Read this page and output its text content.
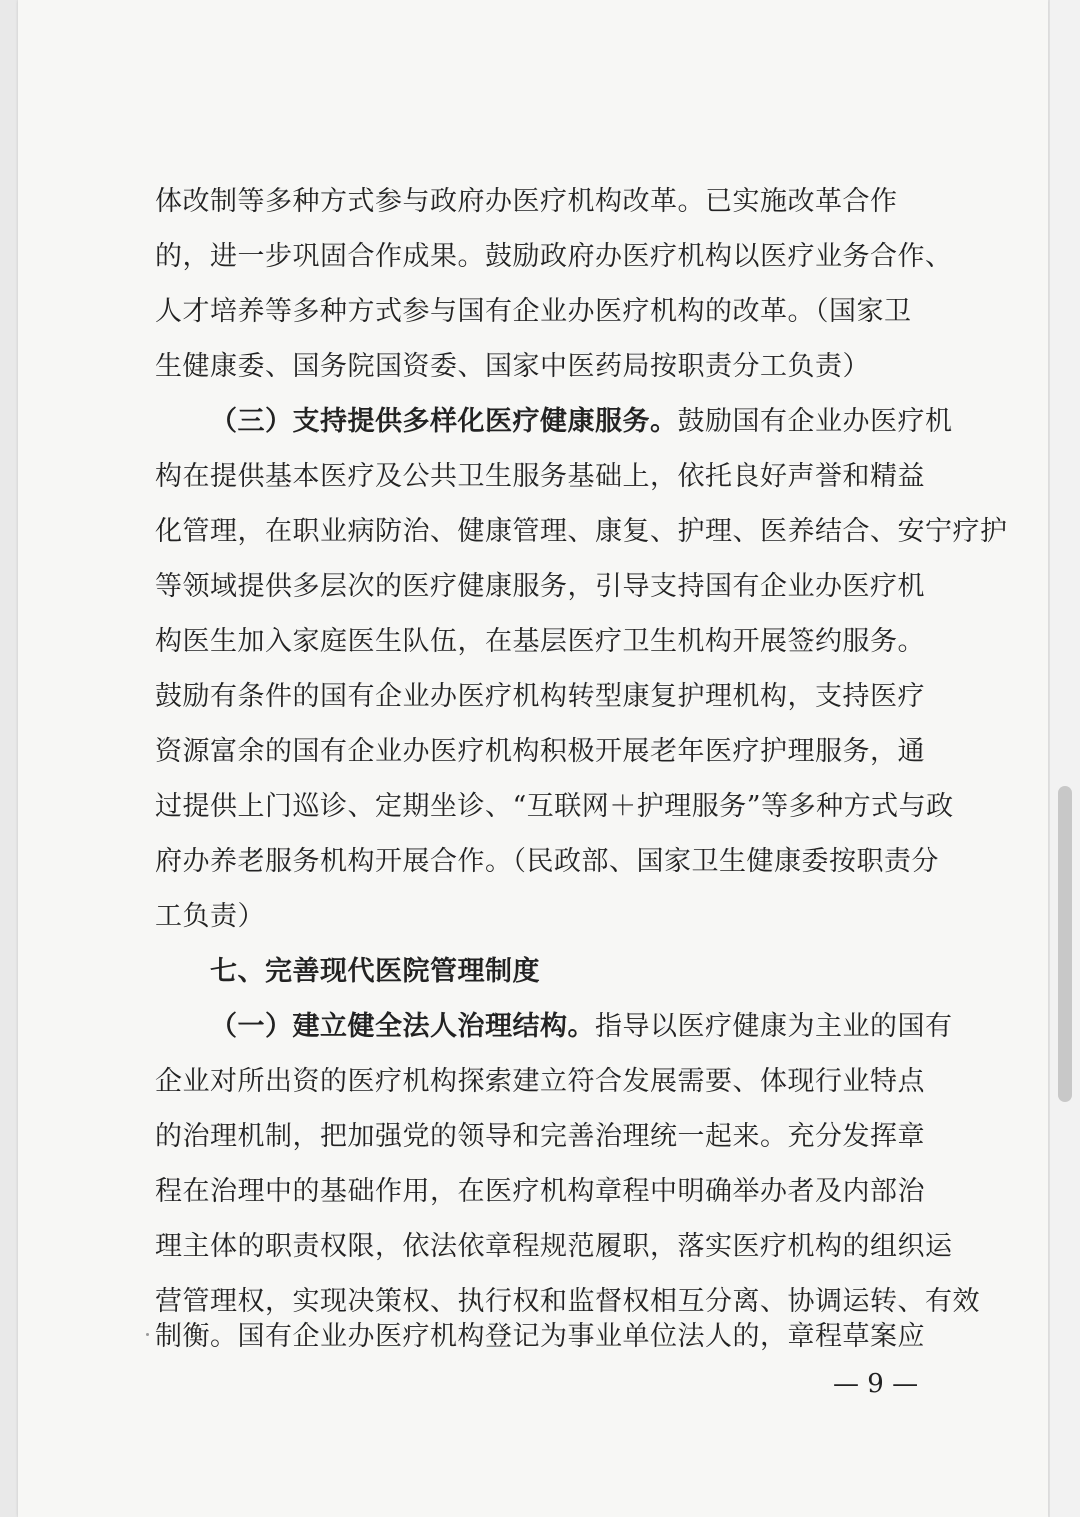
体改制等多种方式参与政府办医疗机构改革。已实施改革合作
的，进一步巩固合作成果。鼓励政府办医疗机构以医疗业务合作、
人才培养等多种方式参与国有企业办医疗机构的改革。（国家卫
生健康委、国务院国资委、国家中医药局按职责分工负责）
（三）支持提供多样化医疗健康服务。鼓励国有企业办医疗机
构在提供基本医疗及公共卫生服务基础上，依托良好声誉和精益
化管理，在职业病防治、健康管理、康复、护理、医养结合、安宁疗护
等领域提供多层次的医疗健康服务，引导支持国有企业办医疗机
构医生加入家庭医生队伍，在基层医疗卫生机构开展签约服务。
鼓励有条件的国有企业办医疗机构转型康复护理机构，支持医疗
资源富余的国有企业办医疗机构积极开展老年医疗护理服务，通
过提供上门巡诊、定期坐诊、“互联网＋护理服务”等多种方式与政
府办养老服务机构开展合作。（民政部、国家卫生健康委按职责分
工负责）
七、完善现代医院管理制度
（一）建立健全法人治理结构。指导以医疗健康为主业的国有
企业对所出资的医疗机构探索建立符合发展需要、体现行业特点
的治理机制，把加强党的领导和完善治理统一起来。充分发挥章
程在治理中的基础作用，在医疗机构章程中明确举办者及内部治
理主体的职责权限，依法依章程规范履职，落实医疗机构的组织运
营管理权，实现决策权、执行权和监督权相互分离、协调运转、有效
制衡。国有企业办医疗机构登记为事业单位法人的，章程草案应
— 9 —
